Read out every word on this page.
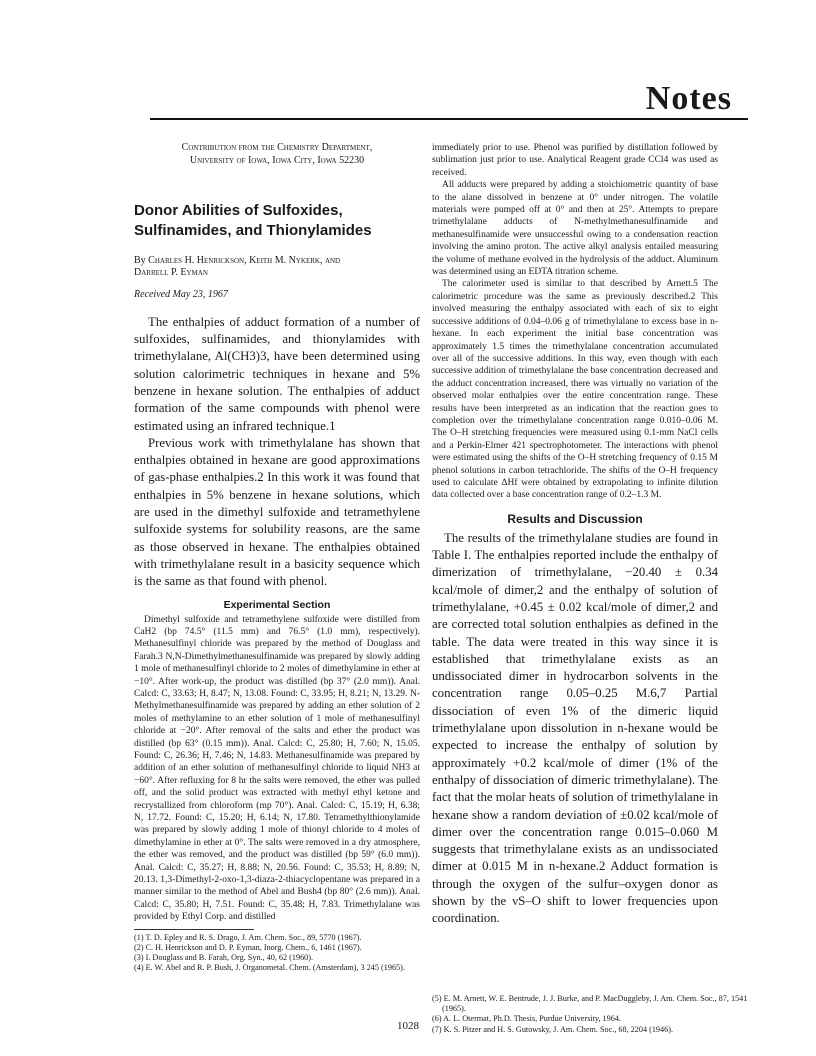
Notes
Contribution from the Chemistry Department,
University of Iowa, Iowa City, Iowa 52230
Donor Abilities of Sulfoxides, Sulfinamides, and Thionylamides
By Charles H. Henrickson, Keith M. Nykerk, and
Darrell P. Eyman
Received May 23, 1967

The enthalpies of adduct formation of a number of sulfoxides, sulfinamides, and thionylamides with trimethylalane, Al(CH3)3, have been determined using solution calorimetric techniques in hexane and 5% benzene in hexane solution. The enthalpies of adduct formation of the same compounds with phenol were estimated using an infrared technique.1

Previous work with trimethylalane has shown that enthalpies obtained in hexane are good approximations of gas-phase enthalpies.2 In this work it was found that enthalpies in 5% benzene in hexane solutions, which are used in the dimethyl sulfoxide and tetramethylene sulfoxide systems for solubility reasons, are the same as those observed in hexane. The enthalpies obtained with trimethylalane result in a basicity sequence which is the same as that found with phenol.

Experimental Section

Dimethyl sulfoxide and tetramethylene sulfoxide were distilled from CaH2 (bp 74.5° (11.5 mm) and 76.5° (1.0 mm), respectively). Methanesulfinyl chloride was prepared by the method of Douglass and Farah.3 N,N-Dimethylmethanesulfinamide was prepared by slowly adding 1 mole of methanesulfinyl chloride to 2 moles of dimethylamine in ether at −10°. After work-up, the product was distilled (bp 37° (2.0 mm)). Anal. Calcd: C, 33.63; H, 8.47; N, 13.08. Found: C, 33.95; H, 8.21; N, 13.29. N-Methylmethanesulfinamide was prepared by adding an ether solution of 2 moles of methylamine to an ether solution of 1 mole of methanesulfinyl chloride at −20°. After removal of the salts and ether the product was distilled (bp 63° (0.15 mm)). Anal. Calcd: C, 25.80; H, 7.60; N, 15.05. Found: C, 26.36; H, 7.46; N, 14.83. Methanesulfinamide was prepared by addition of an ether solution of methanesulfinyl chloride to liquid NH3 at −60°. After refluxing for 8 hr the salts were removed, the ether was pulled off, and the solid product was extracted with methyl ethyl ketone and recrystallized from chloroform (mp 70°). Anal. Calcd: C, 15.19; H, 6.38; N, 17.72. Found: C, 15.20; H, 6.14; N, 17.80. Tetramethylthionylamide was prepared by slowly adding 1 mole of thionyl chloride to 4 moles of dimethylamine in ether at 0°. The salts were removed in a dry atmosphere, the ether was removed, and the product was distilled (bp 59° (6.0 mm)). Anal. Calcd: C, 35.27; H, 8.88; N, 20.56. Found: C, 35.53; H, 8.89; N, 20.13. 1,3-Dimethyl-2-oxo-1,3-diaza-2-thiacyclopentane was prepared in a manner similar to the method of Abel and Bush4 (bp 80° (2.6 mm)). Anal. Calcd: C, 35.80; H, 7.51. Found: C, 35.48; H, 7.83. Trimethylalane was provided by Ethyl Corp. and distilled

(1) T. D. Epley and R. S. Drago, J. Am. Chem. Soc., 89, 5770 (1967).
(2) C. H. Henrickson and D. P. Eyman, Inorg. Chem., 6, 1461 (1967).
(3) I. Douglass and B. Farah, Org. Syn., 40, 62 (1960).
(4) E. W. Abel and R. P. Bush, J. Organometal. Chem. (Amsterdam), 3 245 (1965).

immediately prior to use. Phenol was purified by distillation followed by sublimation just prior to use. Analytical Reagent grade CCl4 was used as received.

All adducts were prepared by adding a stoichiometric quantity of base to the alane dissolved in benzene at 0° under nitrogen. The volatile materials were pumped off at 0° and then at 25°. Attempts to prepare trimethylalane adducts of N-methylmethanesulfinamide and methanesulfinamide were unsuccessful owing to a condensation reaction involving the amino proton. The active alkyl analysis entailed measuring the volume of methane evolved in the hydrolysis of the adduct. Aluminum was determined using an EDTA titration scheme.

The calorimeter used is similar to that described by Arnett.5 The calorimetric procedure was the same as previously described.2 This involved measuring the enthalpy associated with each of six to eight successive additions of 0.04–0.06 g of trimethylalane to excess base in n-hexane. In each experiment the initial base concentration was approximately 1.5 times the trimethylalane concentration accumulated over all of the successive additions. In this way, even though with each successive addition of trimethylalane the base concentration decreased and the adduct concentration increased, there was virtually no variation of the observed molar enthalpies over the entire concentration range. These results have been interpreted as an indication that the reaction goes to completion over the trimethylalane concentration range 0.010–0.06 M. The O–H stretching frequencies were measured using 0.1-mm NaCl cells and a Perkin-Elmer 421 spectrophotometer. The interactions with phenol were estimated using the shifts of the O–H stretching frequency of 0.15 M phenol solutions in carbon tetrachloride. The shifts of the O–H frequency used to calculate ΔHf were obtained by extrapolating to infinite dilution data collected over a base concentration range of 0.2–1.3 M.

Results and Discussion

The results of the trimethylalane studies are found in Table I. The enthalpies reported include the enthalpy of dimerization of trimethylalane, −20.40 ± 0.34 kcal/mole of dimer,2 and the enthalpy of solution of trimethylalane, +0.45 ± 0.02 kcal/mole of dimer,2 and are corrected total solution enthalpies as defined in the table. The data were treated in this way since it is established that trimethylalane exists as an undissociated dimer in hydrocarbon solvents in the concentration range 0.05–0.25 M.6,7 Partial dissociation of even 1% of the dimeric liquid trimethylalane upon dissolution in n-hexane would be expected to increase the enthalpy of solution by approximately +0.2 kcal/mole of dimer (1% of the enthalpy of dissociation of dimeric trimethylalane). The fact that the molar heats of solution of trimethylalane in hexane show a random deviation of ±0.02 kcal/mole of dimer over the concentration range 0.015–0.060 M suggests that trimethylalane exists as an undissociated dimer at 0.015 M in n-hexane.2 Adduct formation is through the oxygen of the sulfur–oxygen donor as shown by the νS–O shift to lower frequencies upon coordination.

(5) E. M. Arnett, W. E. Bentrude, J. J. Burke, and P. MacDuggleby, J. Am. Chem. Soc., 87, 1541 (1965).
(6) A. L. Otermat, Ph.D. Thesis, Purdue University, 1964.
(7) K. S. Pitzer and H. S. Gutowsky, J. Am. Chem. Soc., 68, 2204 (1946).
1028
